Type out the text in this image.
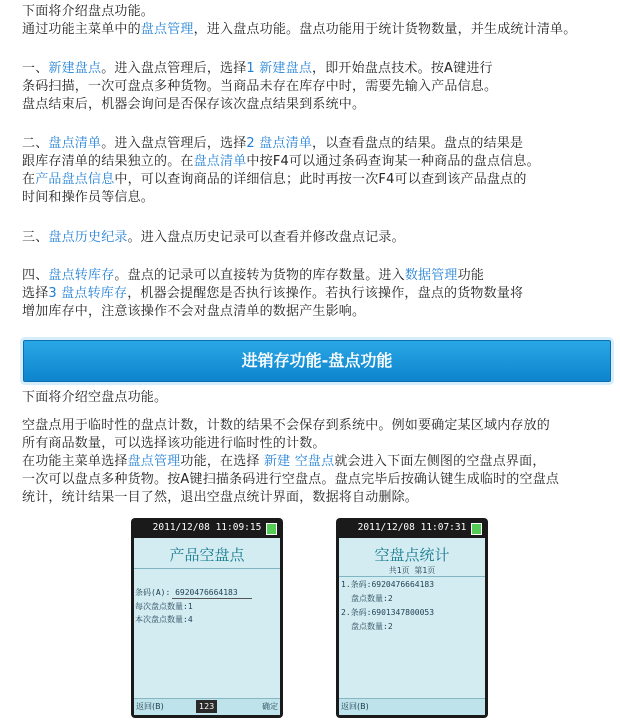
下面将介绍盘点功能。
通过功能主菜单中的盘点管理，进入盘点功能。盘点功能用于统计货物数量，并生成统计清单。
一、新建盘点。进入盘点管理后，选择1 新建盘点，即开始盘点技术。按A键进行
条码扫描，一次可盘点多种货物。当商品未存在库存中时，需要先输入产品信息。
盘点结束后，机器会询问是否保存该次盘点结果到系统中。
二、盘点清单。进入盘点管理后，选择2 盘点清单，以查看盘点的结果。盘点的结果是
跟库存清单的结果独立的。在盘点清单中按F4可以通过条码查询某一种商品的盘点信息。
在产品盘点信息中，可以查询商品的详细信息；此时再按一次F4可以查到该产品盘点的
时间和操作员等信息。
三、盘点历史纪录。进入盘点历史记录可以查看并修改盘点记录。
四、盘点转库存。盘点的记录可以直接转为货物的库存数量。进入数据管理功能
选择3 盘点转库存，机器会提醒您是否执行该操作。若执行该操作，盘点的货物数量将
增加库存中，注意该操作不会对盘点清单的数据产生影响。
进销存功能-盘点功能
下面将介绍空盘点功能。
空盘点用于临时性的盘点计数，计数的结果不会保存到系统中。例如要确定某区域内存放的
所有商品数量，可以选择该功能进行临时性的计数。
在功能主菜单选择盘点管理功能，在选择 新建 空盘点就会进入下面左侧图的空盘点界面，
一次可以盘点多种货物。按A键扫描条码进行空盘点。盘点完毕后按确认键生成临时的空盘点
统计，统计结果一目了然，退出空盘点统计界面，数据将自动删除。
2011/12/08 11:09:15
产品空盘点
条码(A): 6920476664183
每次盘点数量:1
本次盘点数量:4
返回(B)	123	确定
2011/12/08 11:07:31
空盘点统计
共1页 第1页
1.条码:6920476664183
盘点数量:2
2.条码:6901347800053
盘点数量:2
返回(B)
